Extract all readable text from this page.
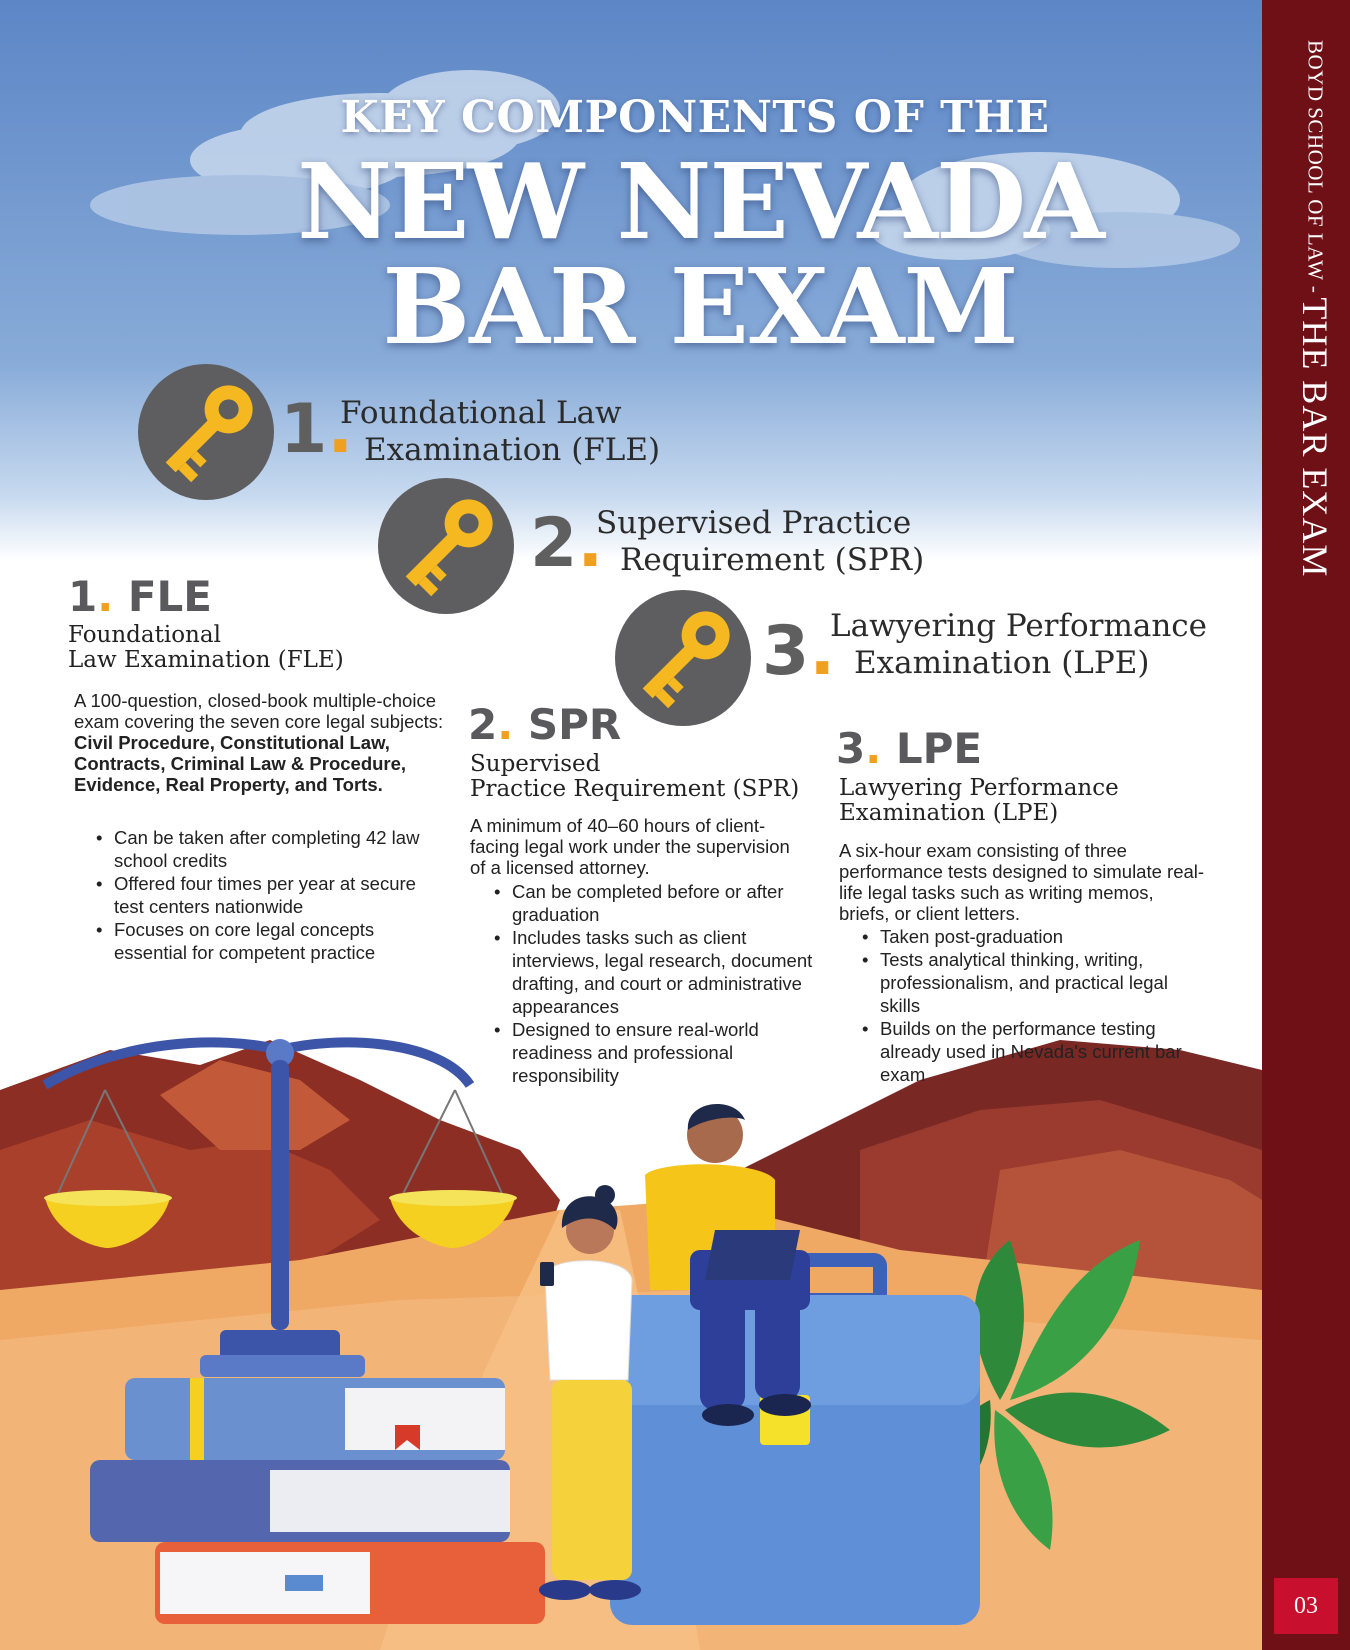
KEY COMPONENTS OF THE
NEW NEVADA
BAR EXAM
1.
Foundational Law
Examination (FLE)
2.
Supervised Practice
Requirement (SPR)
3.
Lawyering Performance
Examination (LPE)
1. FLE
Foundational
Law Examination (FLE)
A 100-question, closed-book multiple-choice exam covering the seven core legal subjects: Civil Procedure, Constitutional Law, Contracts, Criminal Law & Procedure, Evidence, Real Property, and Torts.
• Can be taken after completing 42 law school credits
• Offered four times per year at secure test centers nationwide
• Focuses on core legal concepts essential for competent practice
2. SPR
Supervised
Practice Requirement (SPR)
A minimum of 40–60 hours of client-facing legal work under the supervision of a licensed attorney.
• Can be completed before or after graduation
• Includes tasks such as client interviews, legal research, document drafting, and court or administrative appearances
• Designed to ensure real-world readiness and professional responsibility
3. LPE
Lawyering Performance
Examination (LPE)
A six-hour exam consisting of three performance tests designed to simulate real-life legal tasks such as writing memos, briefs, or client letters.
• Taken post-graduation
• Tests analytical thinking, writing, professionalism, and practical legal skills
• Builds on the performance testing already used in Nevada's current bar exam
BOYD SCHOOL OF LAW - THE BAR EXAM
03
